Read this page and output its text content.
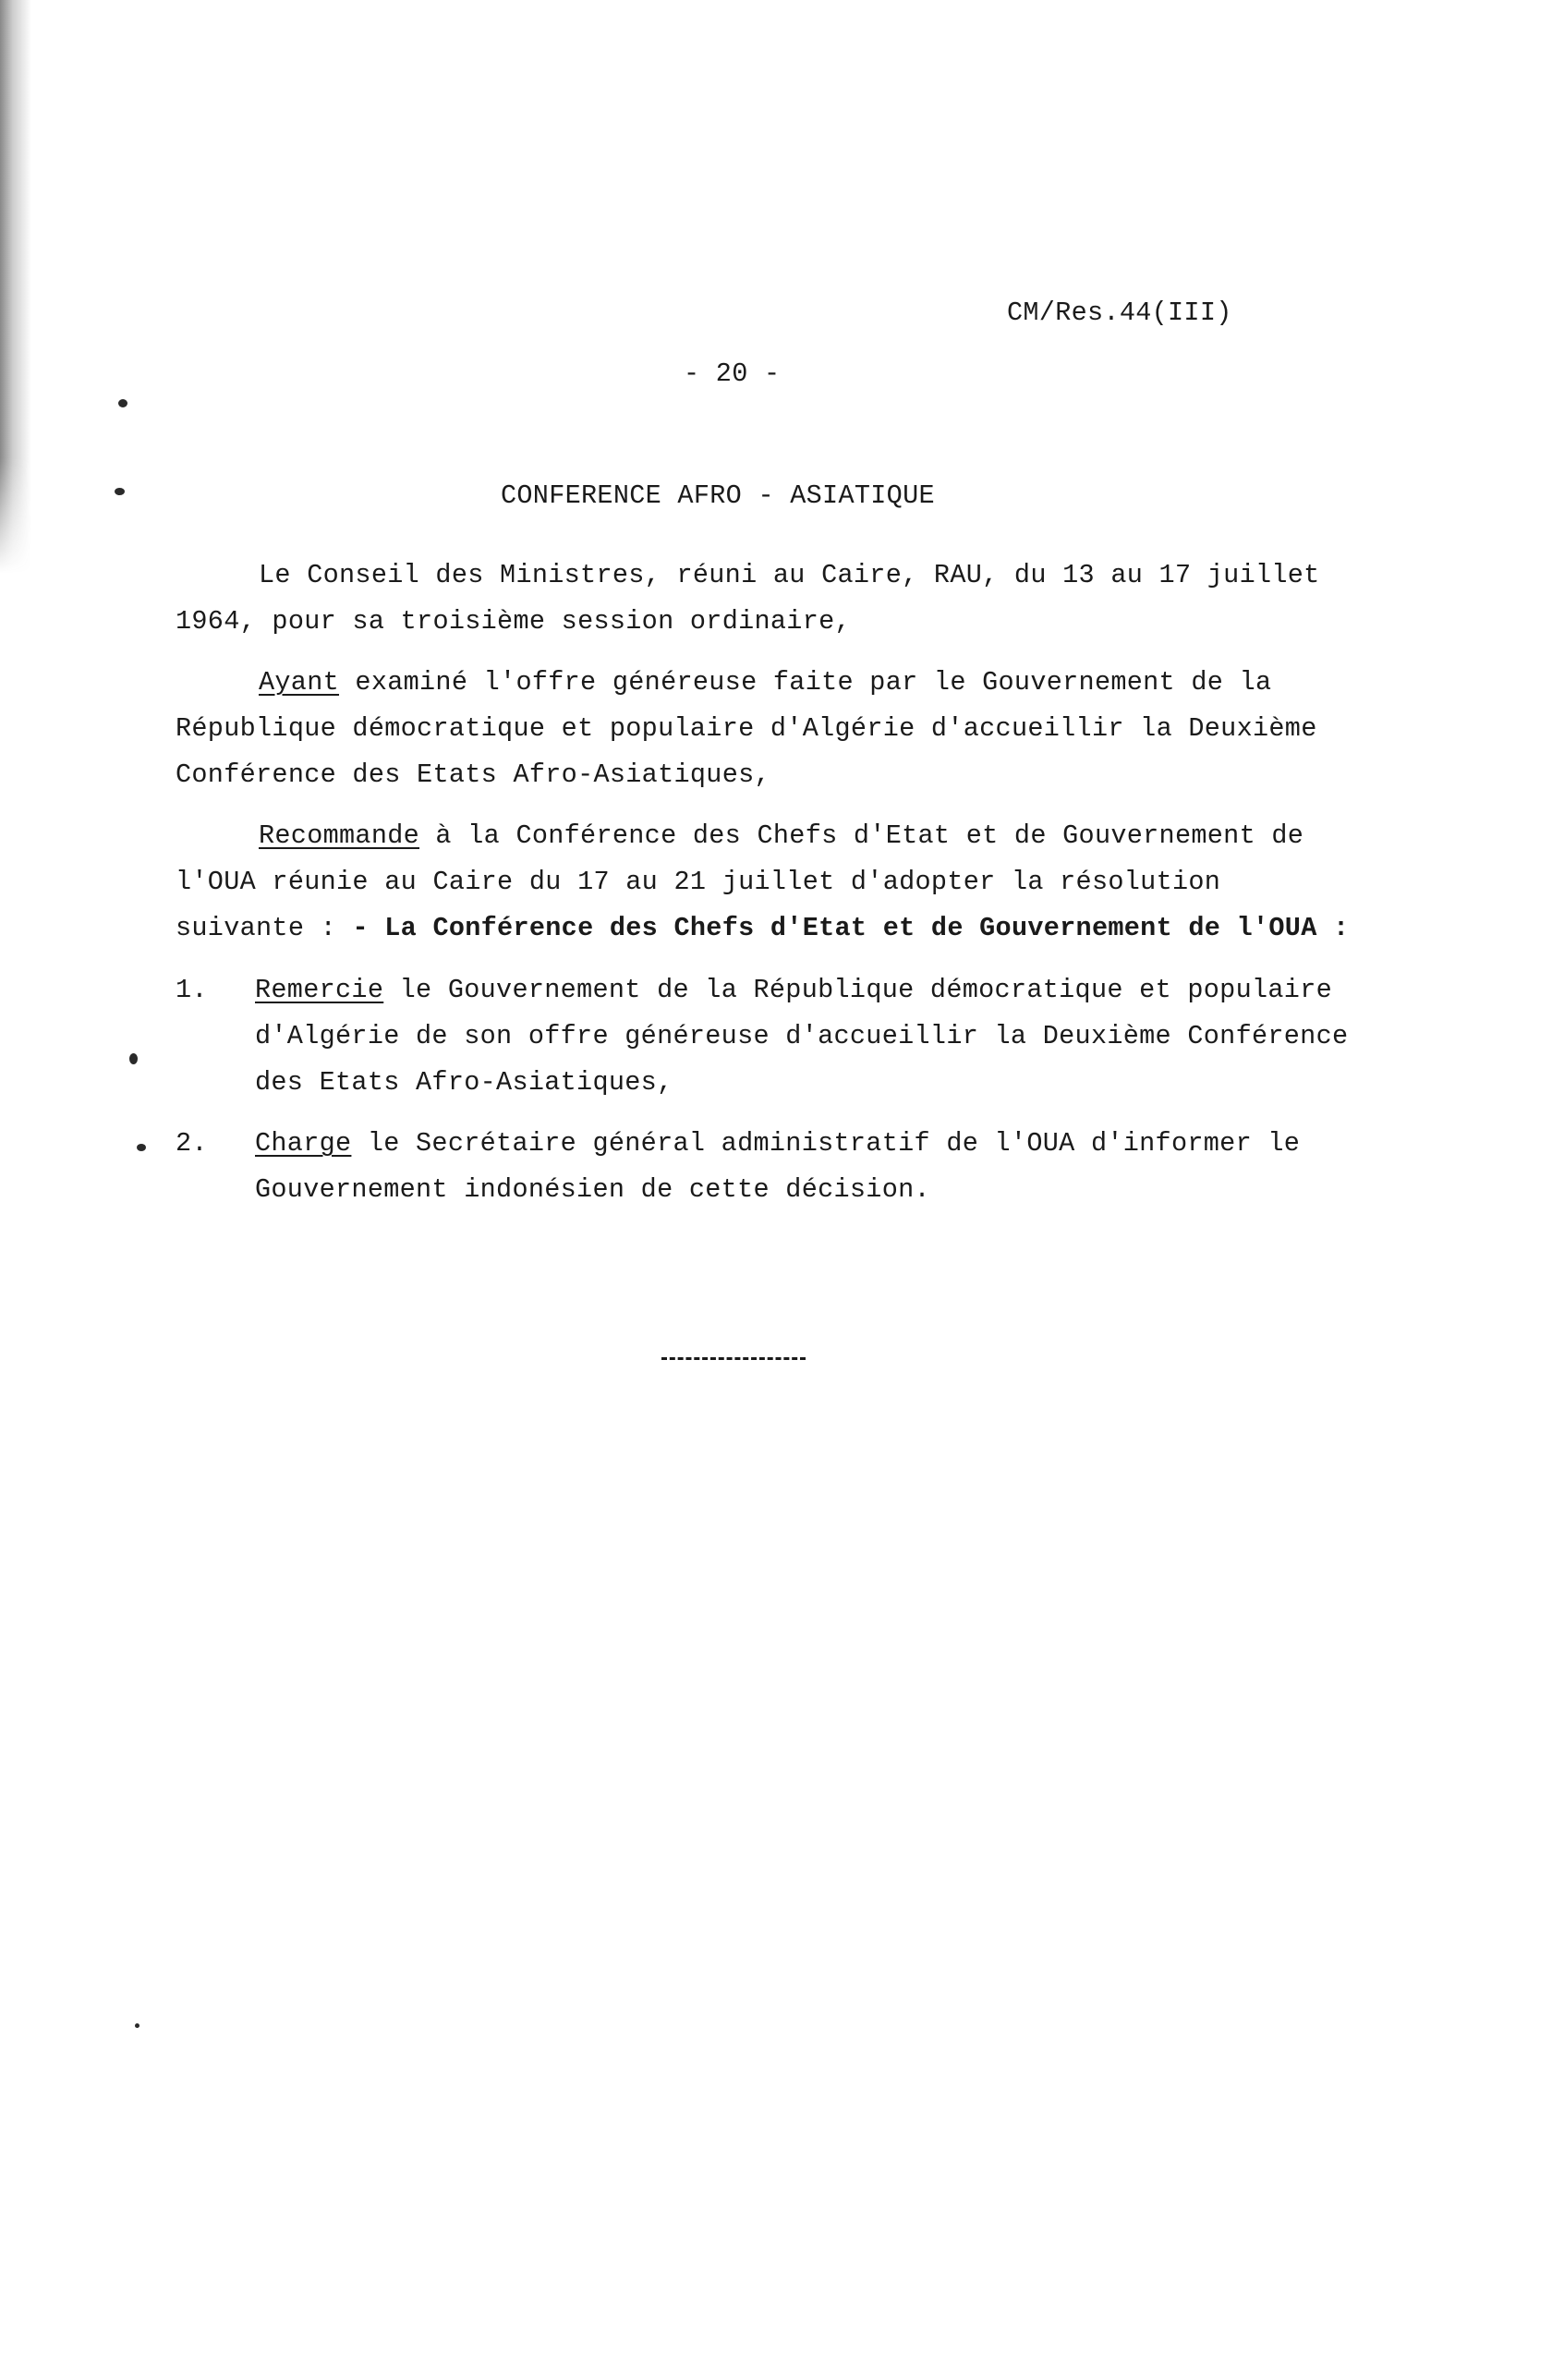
CM/Res.44(III)
- 20 -
CONFERENCE AFRO - ASIATIQUE
Le Conseil des Ministres, réuni au Caire, RAU, du 13 au 17 juillet
1964, pour sa troisième session ordinaire,
Ayant examiné l'offre généreuse faite par le Gouvernement de la
République démocratique et populaire d'Algérie d'accueillir la Deuxième
Conférence des Etats Afro-Asiatiques,
Recommande à la Conférence des Chefs d'Etat et de Gouvernement de
l'OUA réunie au Caire du 17 au 21 juillet d'adopter la résolution
suivante : - La Conférence des Chefs d'Etat et de Gouvernement de l'OUA :
1. Remercie le Gouvernement de la République démocratique et populaire
d'Algérie de son offre généreuse d'accueillir la Deuxième Conférence
des Etats Afro-Asiatiques,
2. Charge le Secrétaire général administratif de l'OUA d'informer le
Gouvernement indonésien de cette décision.
